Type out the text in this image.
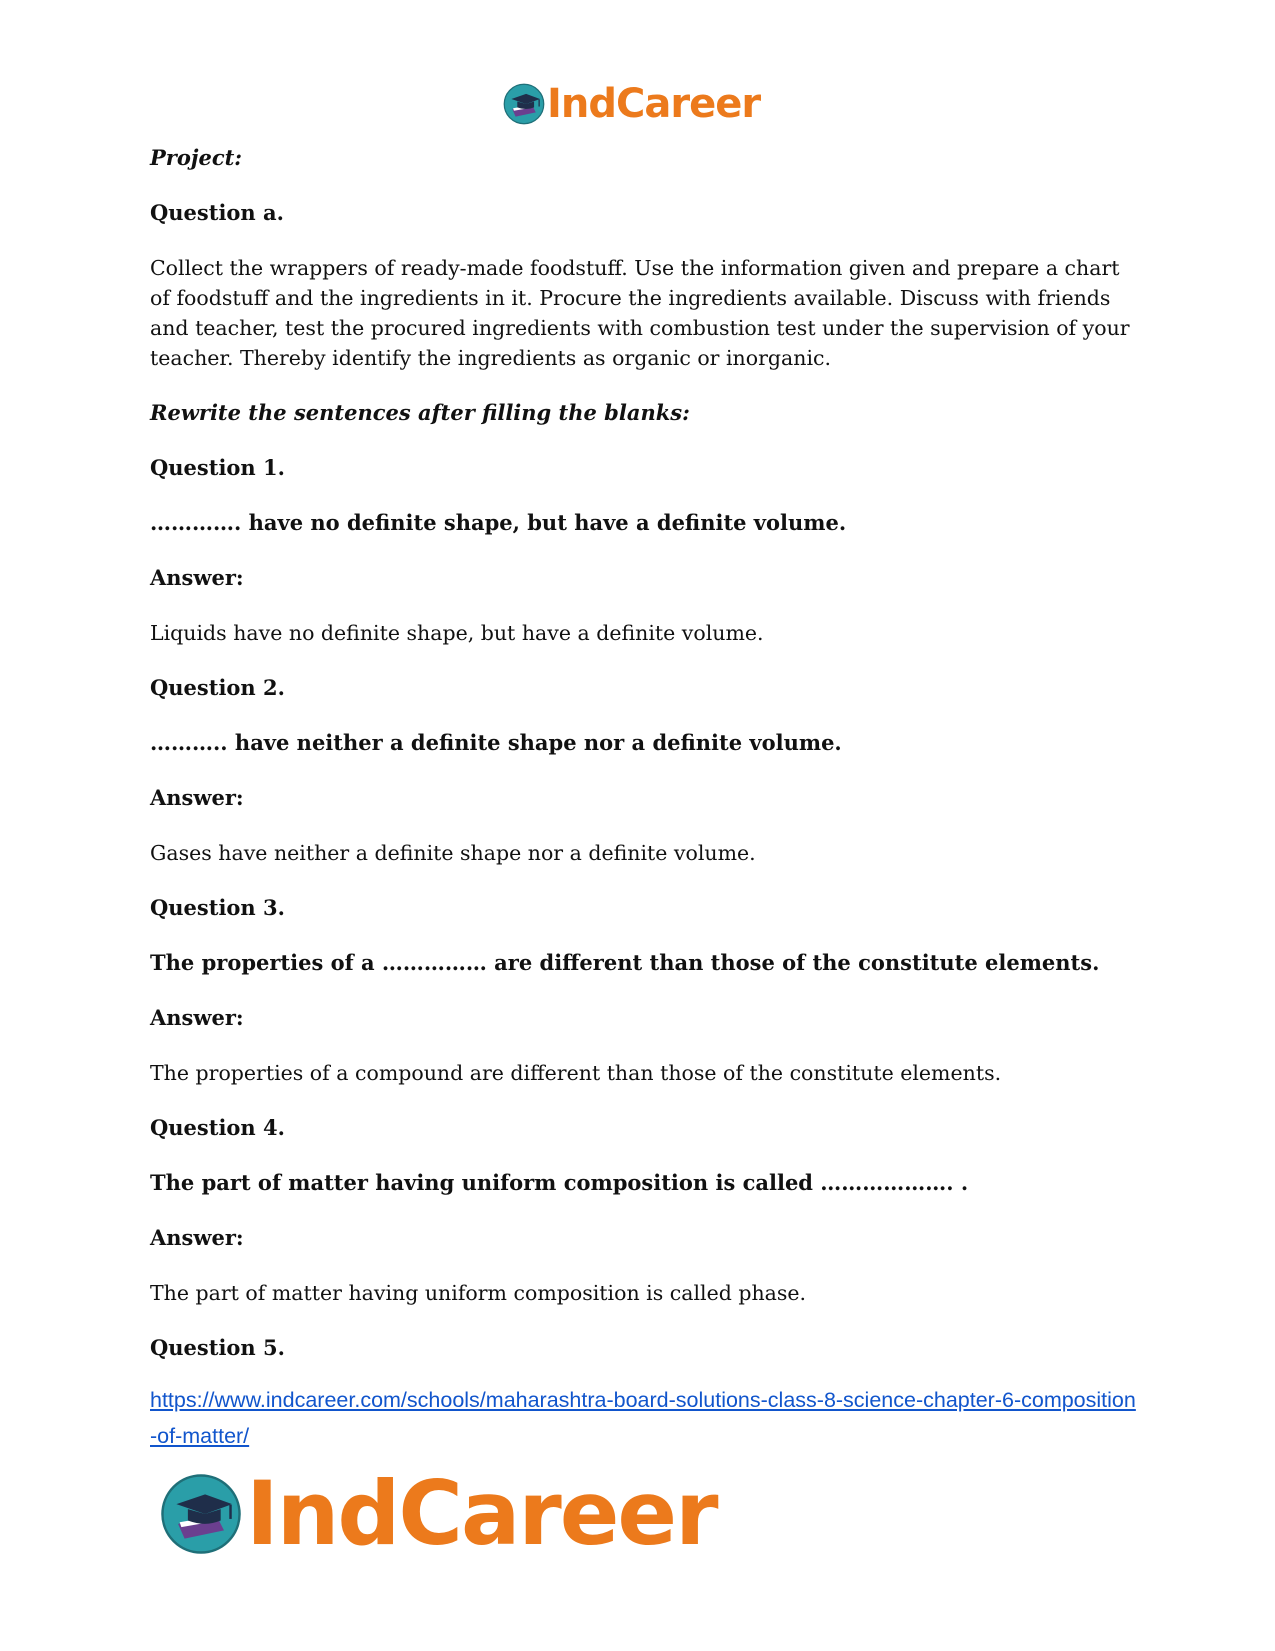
IndCareer

Project:

Question a.

Collect the wrappers of ready-made foodstuff. Use the information given and prepare a chart of foodstuff and the ingredients in it. Procure the ingredients available. Discuss with friends and teacher, test the procured ingredients with combustion test under the supervision of your teacher. Thereby identify the ingredients as organic or inorganic.

Rewrite the sentences after filling the blanks:

Question 1.

…………. have no definite shape, but have a definite volume.

Answer:

Liquids have no definite shape, but have a definite volume.

Question 2.

……….. have neither a definite shape nor a definite volume.

Answer:

Gases have neither a definite shape nor a definite volume.

Question 3.

The properties of a …………… are different than those of the constitute elements.

Answer:

The properties of a compound are different than those of the constitute elements.

Question 4.

The part of matter having uniform composition is called ………………. .

Answer:

The part of matter having uniform composition is called phase.

Question 5.

https://www.indcareer.com/schools/maharashtra-board-solutions-class-8-science-chapter-6-composition-of-matter/
IndCareer
